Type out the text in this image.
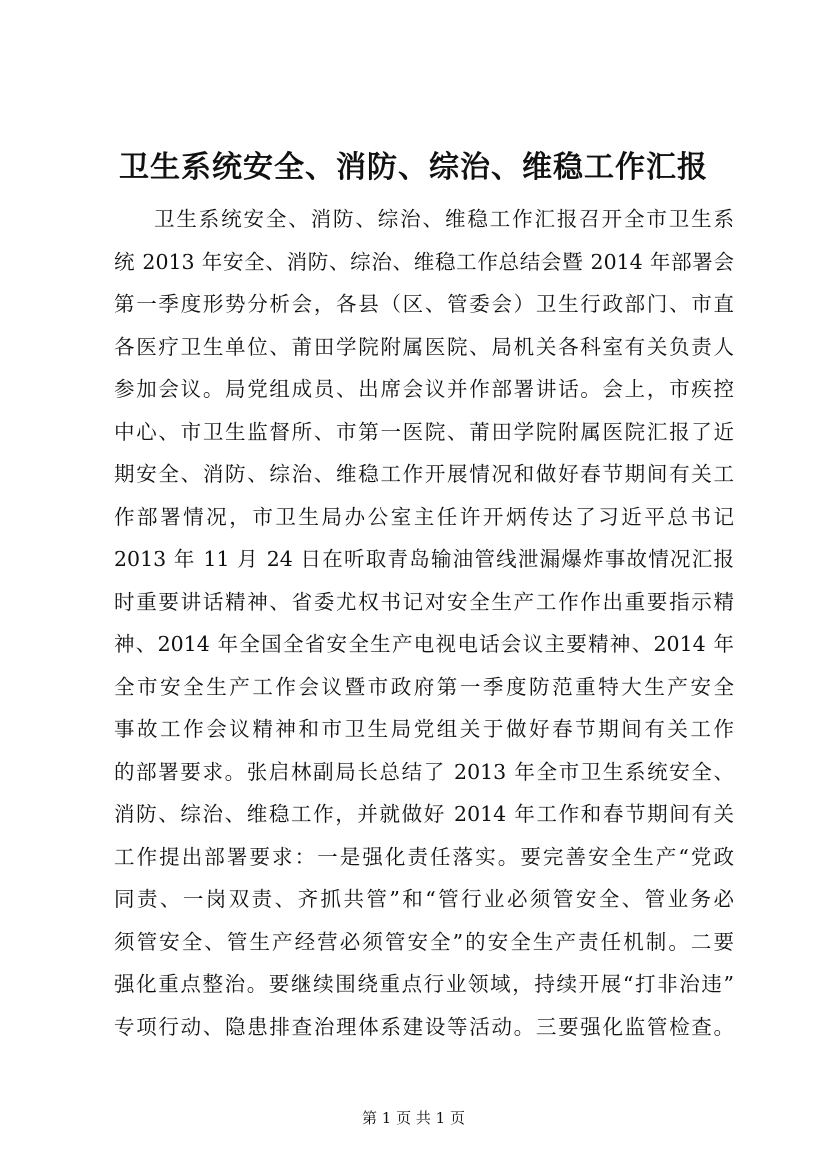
卫生系统安全、消防、综治、维稳工作汇报
卫生系统安全、消防、综治、维稳工作汇报召开全市卫生系
统 2013 年安全、消防、综治、维稳工作总结会暨 2014 年部署会
第一季度形势分析会，各县（区、管委会）卫生行政部门、市直
各医疗卫生单位、莆田学院附属医院、局机关各科室有关负责人
参加会议。局党组成员、出席会议并作部署讲话。会上，市疾控
中心、市卫生监督所、市第一医院、莆田学院附属医院汇报了近
期安全、消防、综治、维稳工作开展情况和做好春节期间有关工
作部署情况，市卫生局办公室主任许开炳传达了习近平总书记
2013 年 11 月 24 日在听取青岛输油管线泄漏爆炸事故情况汇报
时重要讲话精神、省委尤权书记对安全生产工作作出重要指示精
神、2014 年全国全省安全生产电视电话会议主要精神、2014 年
全市安全生产工作会议暨市政府第一季度防范重特大生产安全
事故工作会议精神和市卫生局党组关于做好春节期间有关工作
的部署要求。张启林副局长总结了 2013 年全市卫生系统安全、
消防、综治、维稳工作，并就做好 2014 年工作和春节期间有关
工作提出部署要求：一是强化责任落实。要完善安全生产“党政
同责、一岗双责、齐抓共管”和“管行业必须管安全、管业务必
须管安全、管生产经营必须管安全”的安全生产责任机制。二要
强化重点整治。要继续围绕重点行业领域，持续开展“打非治违”
专项行动、隐患排查治理体系建设等活动。三要强化监管检查。
第 1 页 共 1 页
